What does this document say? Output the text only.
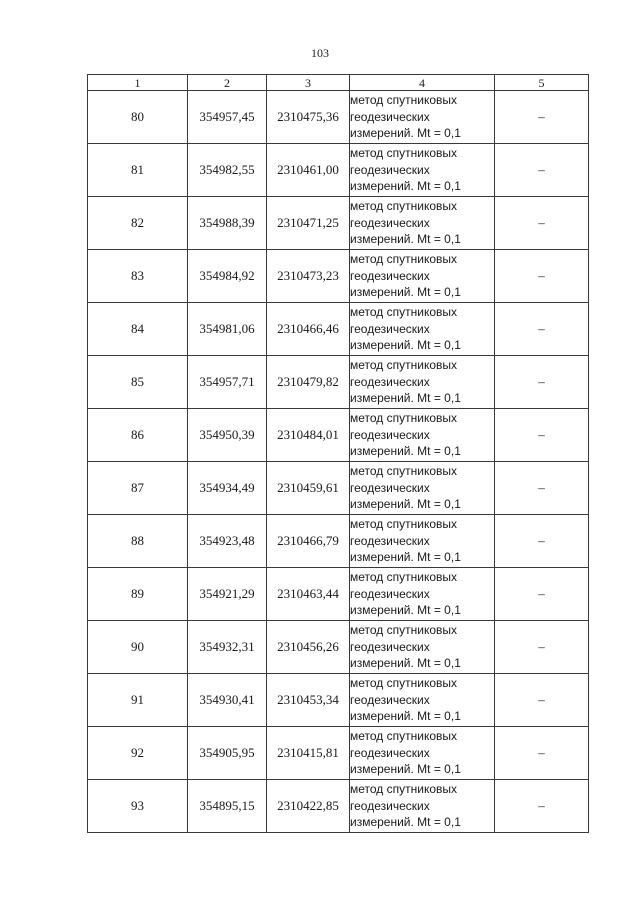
103
1	2	3	4	5
80	354957,45	2310475,36	метод спутниковых
геодезических
измерений. Mt = 0,1	–
81	354982,55	2310461,00	метод спутниковых
геодезических
измерений. Mt = 0,1	–
82	354988,39	2310471,25	метод спутниковых
геодезических
измерений. Mt = 0,1	–
83	354984,92	2310473,23	метод спутниковых
геодезических
измерений. Mt = 0,1	–
84	354981,06	2310466,46	метод спутниковых
геодезических
измерений. Mt = 0,1	–
85	354957,71	2310479,82	метод спутниковых
геодезических
измерений. Mt = 0,1	–
86	354950,39	2310484,01	метод спутниковых
геодезических
измерений. Mt = 0,1	–
87	354934,49	2310459,61	метод спутниковых
геодезических
измерений. Mt = 0,1	–
88	354923,48	2310466,79	метод спутниковых
геодезических
измерений. Mt = 0,1	–
89	354921,29	2310463,44	метод спутниковых
геодезических
измерений. Mt = 0,1	–
90	354932,31	2310456,26	метод спутниковых
геодезических
измерений. Mt = 0,1	–
91	354930,41	2310453,34	метод спутниковых
геодезических
измерений. Mt = 0,1	–
92	354905,95	2310415,81	метод спутниковых
геодезических
измерений. Mt = 0,1	–
93	354895,15	2310422,85	метод спутниковых
геодезических
измерений. Mt = 0,1	–
